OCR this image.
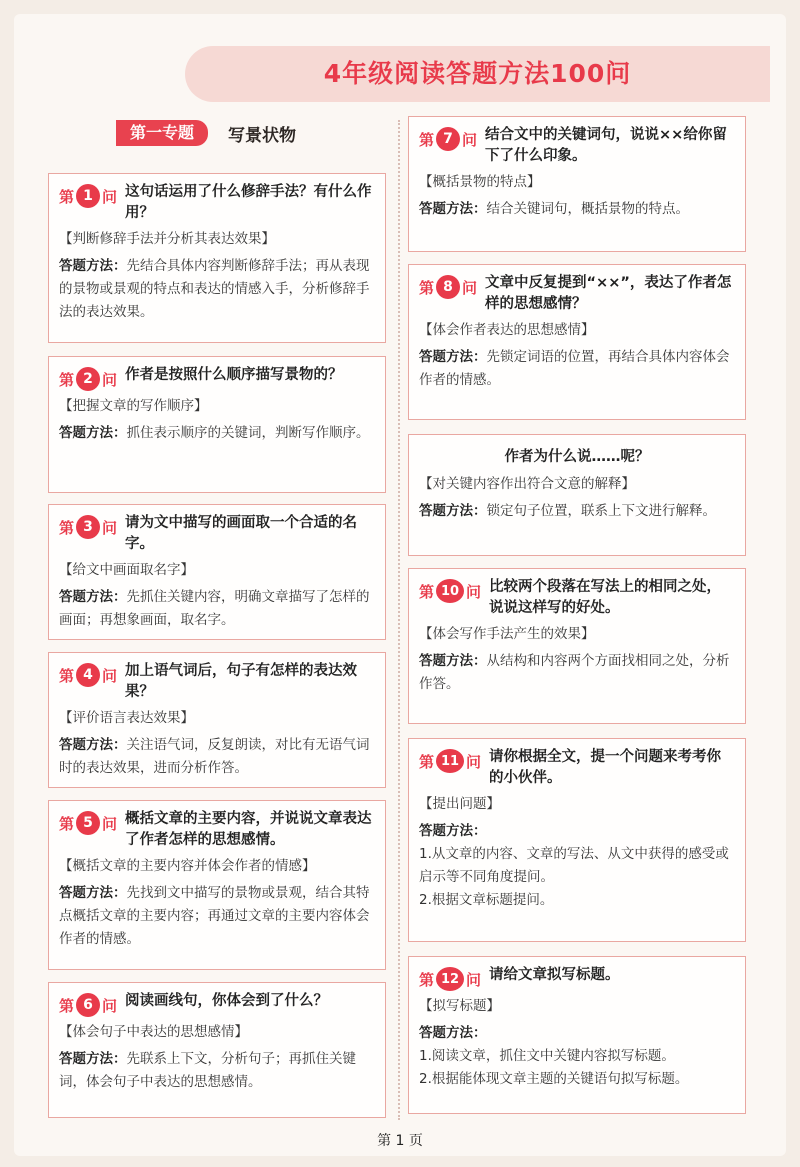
4年级阅读答题方法100问
第一专题	写景状物
第 1 问 这句话运用了什么修辞手法？有什么作用？
【判断修辞手法并分析其表达效果】
答题方法：先结合具体内容判断修辞手法；再从表现的景物或景观的特点和表达的情感入手，分析修辞手法的表达效果。
第 2 问 作者是按照什么顺序描写景物的？
【把握文章的写作顺序】
答题方法：抓住表示顺序的关键词，判断写作顺序。
第 3 问 请为文中描写的画面取一个合适的名字。
【给文中画面取名字】
答题方法：先抓住关键内容，明确文章描写了怎样的画面；再想象画面，取名字。
第 4 问 加上语气词后，句子有怎样的表达效果？
【评价语言表达效果】
答题方法：关注语气词，反复朗读，对比有无语气词时的表达效果，进而分析作答。
第 5 问 概括文章的主要内容，并说说文章表达了作者怎样的思想感情。
【概括文章的主要内容并体会作者的情感】
答题方法：先找到文中描写的景物或景观，结合其特点概括文章的主要内容；再通过文章的主要内容体会作者的情感。
第 6 问 阅读画线句，你体会到了什么？
【体会句子中表达的思想感情】
答题方法：先联系上下文，分析句子；再抓住关键词，体会句子中表达的思想感情。
第 7 问 结合文中的关键词句，说说××给你留下了什么印象。
【概括景物的特点】
答题方法：结合关键词句，概括景物的特点。
第 8 问 文章中反复提到“××”，表达了作者怎样的思想感情？
【体会作者表达的思想感情】
答题方法：先锁定词语的位置，再结合具体内容体会作者的情感。
作者为什么说……呢？
【对关键内容作出符合文意的解释】
答题方法：锁定句子位置，联系上下文进行解释。
第 10 问 比较两个段落在写法上的相同之处，说说这样写的好处。
【体会写作手法产生的效果】
答题方法：从结构和内容两个方面找相同之处，分析作答。
第 11 问 请你根据全文，提一个问题来考考你的小伙伴。
【提出问题】
答题方法：
1.从文章的内容、文章的写法、从文中获得的感受或启示等不同角度提问。
2.根据文章标题提问。
第 12 问 请给文章拟写标题。
【拟写标题】
答题方法：
1.阅读文章，抓住文中关键内容拟写标题。
2.根据能体现文章主题的关键语句拟写标题。
第 1 页
